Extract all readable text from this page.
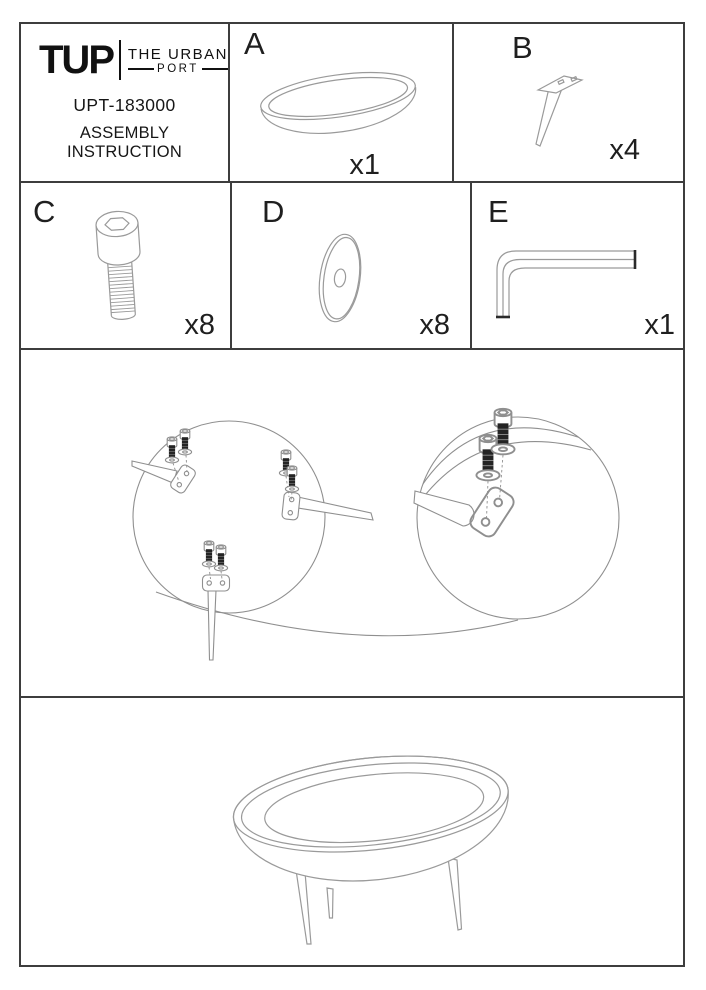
TUP THE URBAN
PORT
UPT-183000
ASSEMBLY INSTRUCTION
A
x1
B
x4
C
x8
D
x8
E
x1
